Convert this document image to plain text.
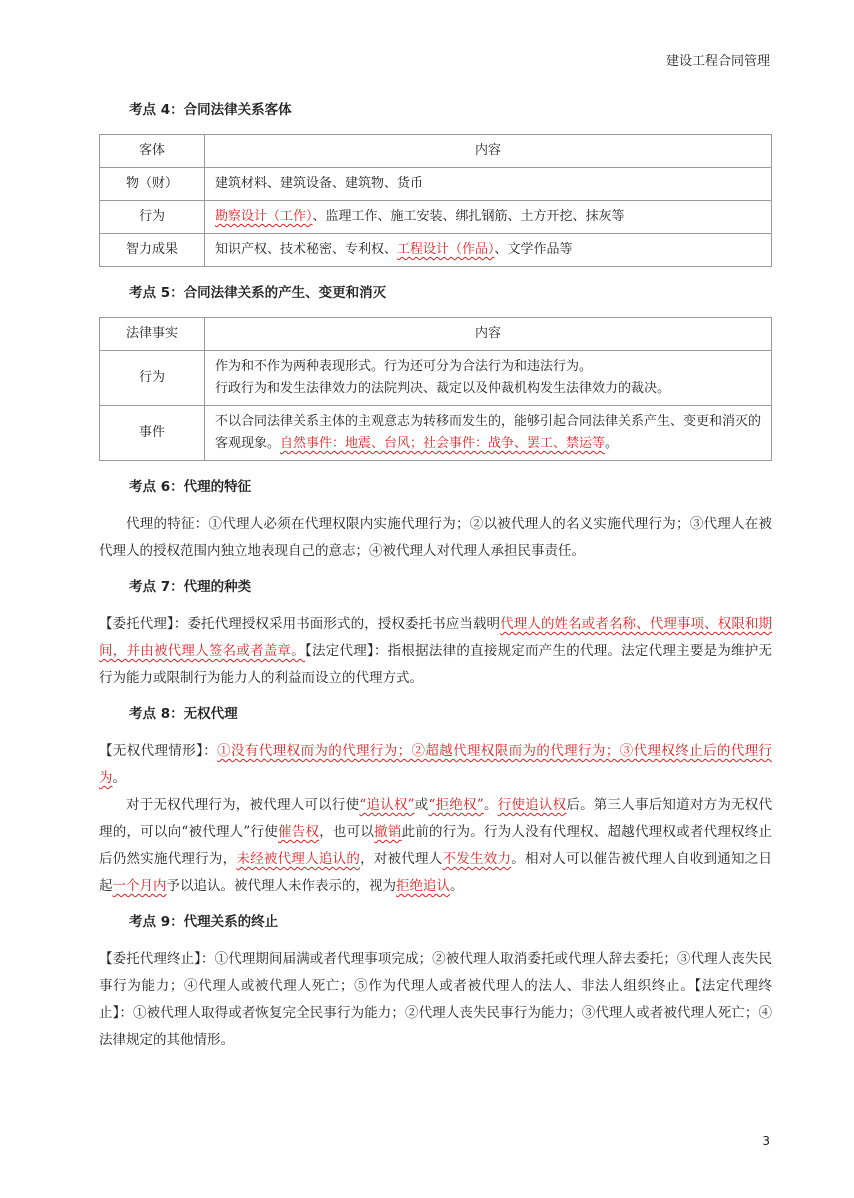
建设工程合同管理
考点 4：合同法律关系客体
客体	内容
物（财）	建筑材料、建筑设备、建筑物、货币
行为	勘察设计（工作）、监理工作、施工安装、绑扎钢筋、土方开挖、抹灰等
智力成果	知识产权、技术秘密、专利权、工程设计（作品）、文学作品等
考点 5：合同法律关系的产生、变更和消灭
法律事实	内容
行为	作为和不作为两种表现形式。行为还可分为合法行为和违法行为。
行政行为和发生法律效力的法院判决、裁定以及仲裁机构发生法律效力的裁决。

事件	不以合同法律关系主体的主观意志为转移而发生的，能够引起合同法律关系产生、变更和消灭的客观现象。自然事件：地震、台风；社会事件：战争、罢工、禁运等。
考点 6：代理的特征

代理的特征：①代理人必须在代理权限内实施代理行为；②以被代理人的名义实施代理行为；③代理人在被代理人的授权范围内独立地表现自己的意志；④被代理人对代理人承担民事责任。

考点 7：代理的种类

【委托代理】：委托代理授权采用书面形式的，授权委托书应当载明代理人的姓名或者名称、代理事项、权限和期间，并由被代理人签名或者盖章。【法定代理】：指根据法律的直接规定而产生的代理。法定代理主要是为维护无行为能力或限制行为能力人的利益而设立的代理方式。

考点 8：无权代理

【无权代理情形】：①没有代理权而为的代理行为；②超越代理权限而为的代理行为；③代理权终止后的代理行为。

对于无权代理行为，被代理人可以行使“追认权”或“拒绝权”。行使追认权后。第三人事后知道对方为无权代理的，可以向“被代理人”行使催告权，也可以撤销此前的行为。行为人没有代理权、超越代理权或者代理权终止后仍然实施代理行为，未经被代理人追认的，对被代理人不发生效力。相对人可以催告被代理人自收到通知之日起一个月内予以追认。被代理人未作表示的，视为拒绝追认。

考点 9：代理关系的终止

【委托代理终止】：①代理期间届满或者代理事项完成；②被代理人取消委托或代理人辞去委托；③代理人丧失民事行为能力；④代理人或被代理人死亡；⑤作为代理人或者被代理人的法人、非法人组织终止。【法定代理终止】：①被代理人取得或者恢复完全民事行为能力；②代理人丧失民事行为能力；③代理人或者被代理人死亡；④法律规定的其他情形。

3
